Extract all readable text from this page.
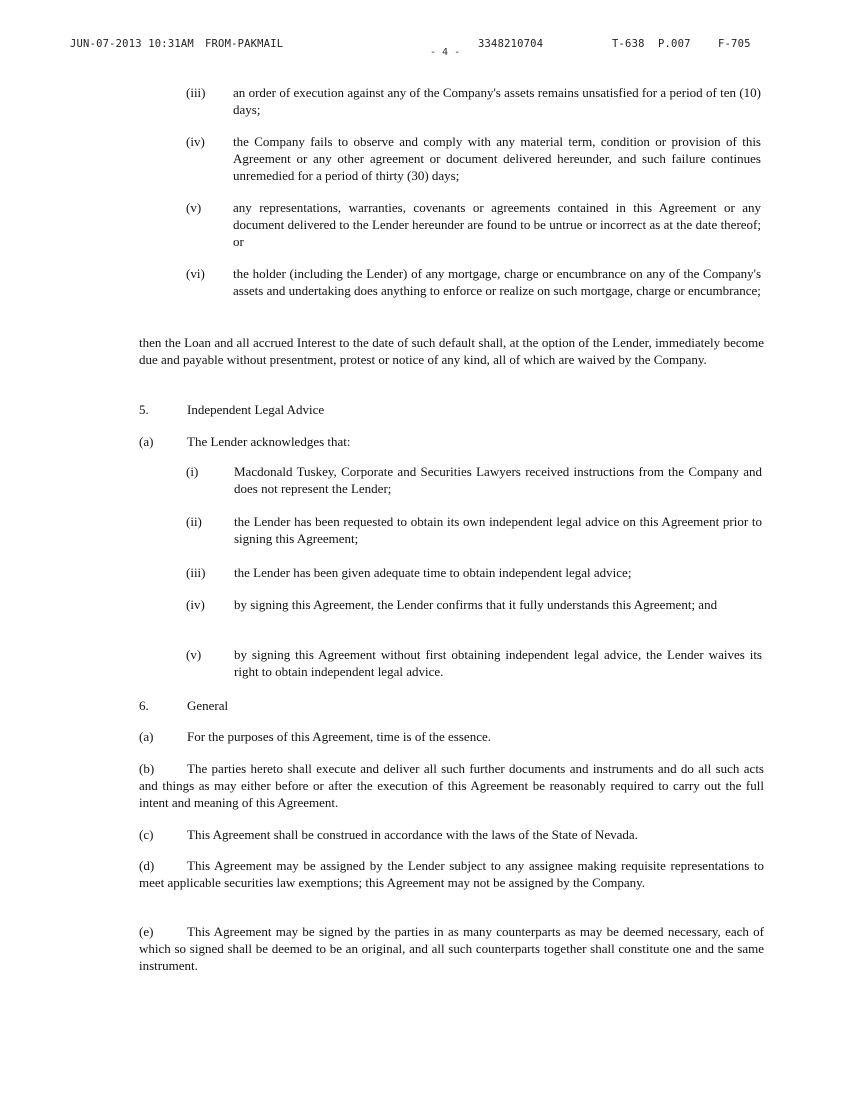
JUN-07-2013 10:31AM FROM-PAKMAIL	3348210704	T-638 P.007	F-705
- 4 -
(iii) an order of execution against any of the Company's assets remains unsatisfied for a period of ten (10) days;
(iv) the Company fails to observe and comply with any material term, condition or provision of this Agreement or any other agreement or document delivered hereunder, and such failure continues unremedied for a period of thirty (30) days;
(v) any representations, warranties, covenants or agreements contained in this Agreement or any document delivered to the Lender hereunder are found to be untrue or incorrect as at the date thereof; or
(vi) the holder (including the Lender) of any mortgage, charge or encumbrance on any of the Company's assets and undertaking does anything to enforce or realize on such mortgage, charge or encumbrance;
then the Loan and all accrued Interest to the date of such default shall, at the option of the Lender, immediately become due and payable without presentment, protest or notice of any kind, all of which are waived by the Company.
5.	Independent Legal Advice
(a)	The Lender acknowledges that:
(i)	Macdonald Tuskey, Corporate and Securities Lawyers received instructions from the Company and does not represent the Lender;
(ii) the Lender has been requested to obtain its own independent legal advice on this Agreement prior to signing this Agreement;
(iii) the Lender has been given adequate time to obtain independent legal advice;
(iv) by signing this Agreement, the Lender confirms that it fully understands this Agreement; and
(v)	by signing this Agreement without first obtaining independent legal advice, the Lender waives its right to obtain independent legal advice.
6.	General
(a)	For the purposes of this Agreement, time is of the essence.
(b)	The parties hereto shall execute and deliver all such further documents and instruments and do all such acts and things as may either before or after the execution of this Agreement be reasonably required to carry out the full intent and meaning of this Agreement.
(c)	This Agreement shall be construed in accordance with the laws of the State of Nevada.
(d)	This Agreement may be assigned by the Lender subject to any assignee making requisite representations to meet applicable securities law exemptions; this Agreement may not be assigned by the Company.
(e)	This Agreement may be signed by the parties in as many counterparts as may be deemed necessary, each of which so signed shall be deemed to be an original, and all such counterparts together shall constitute one and the same instrument.
